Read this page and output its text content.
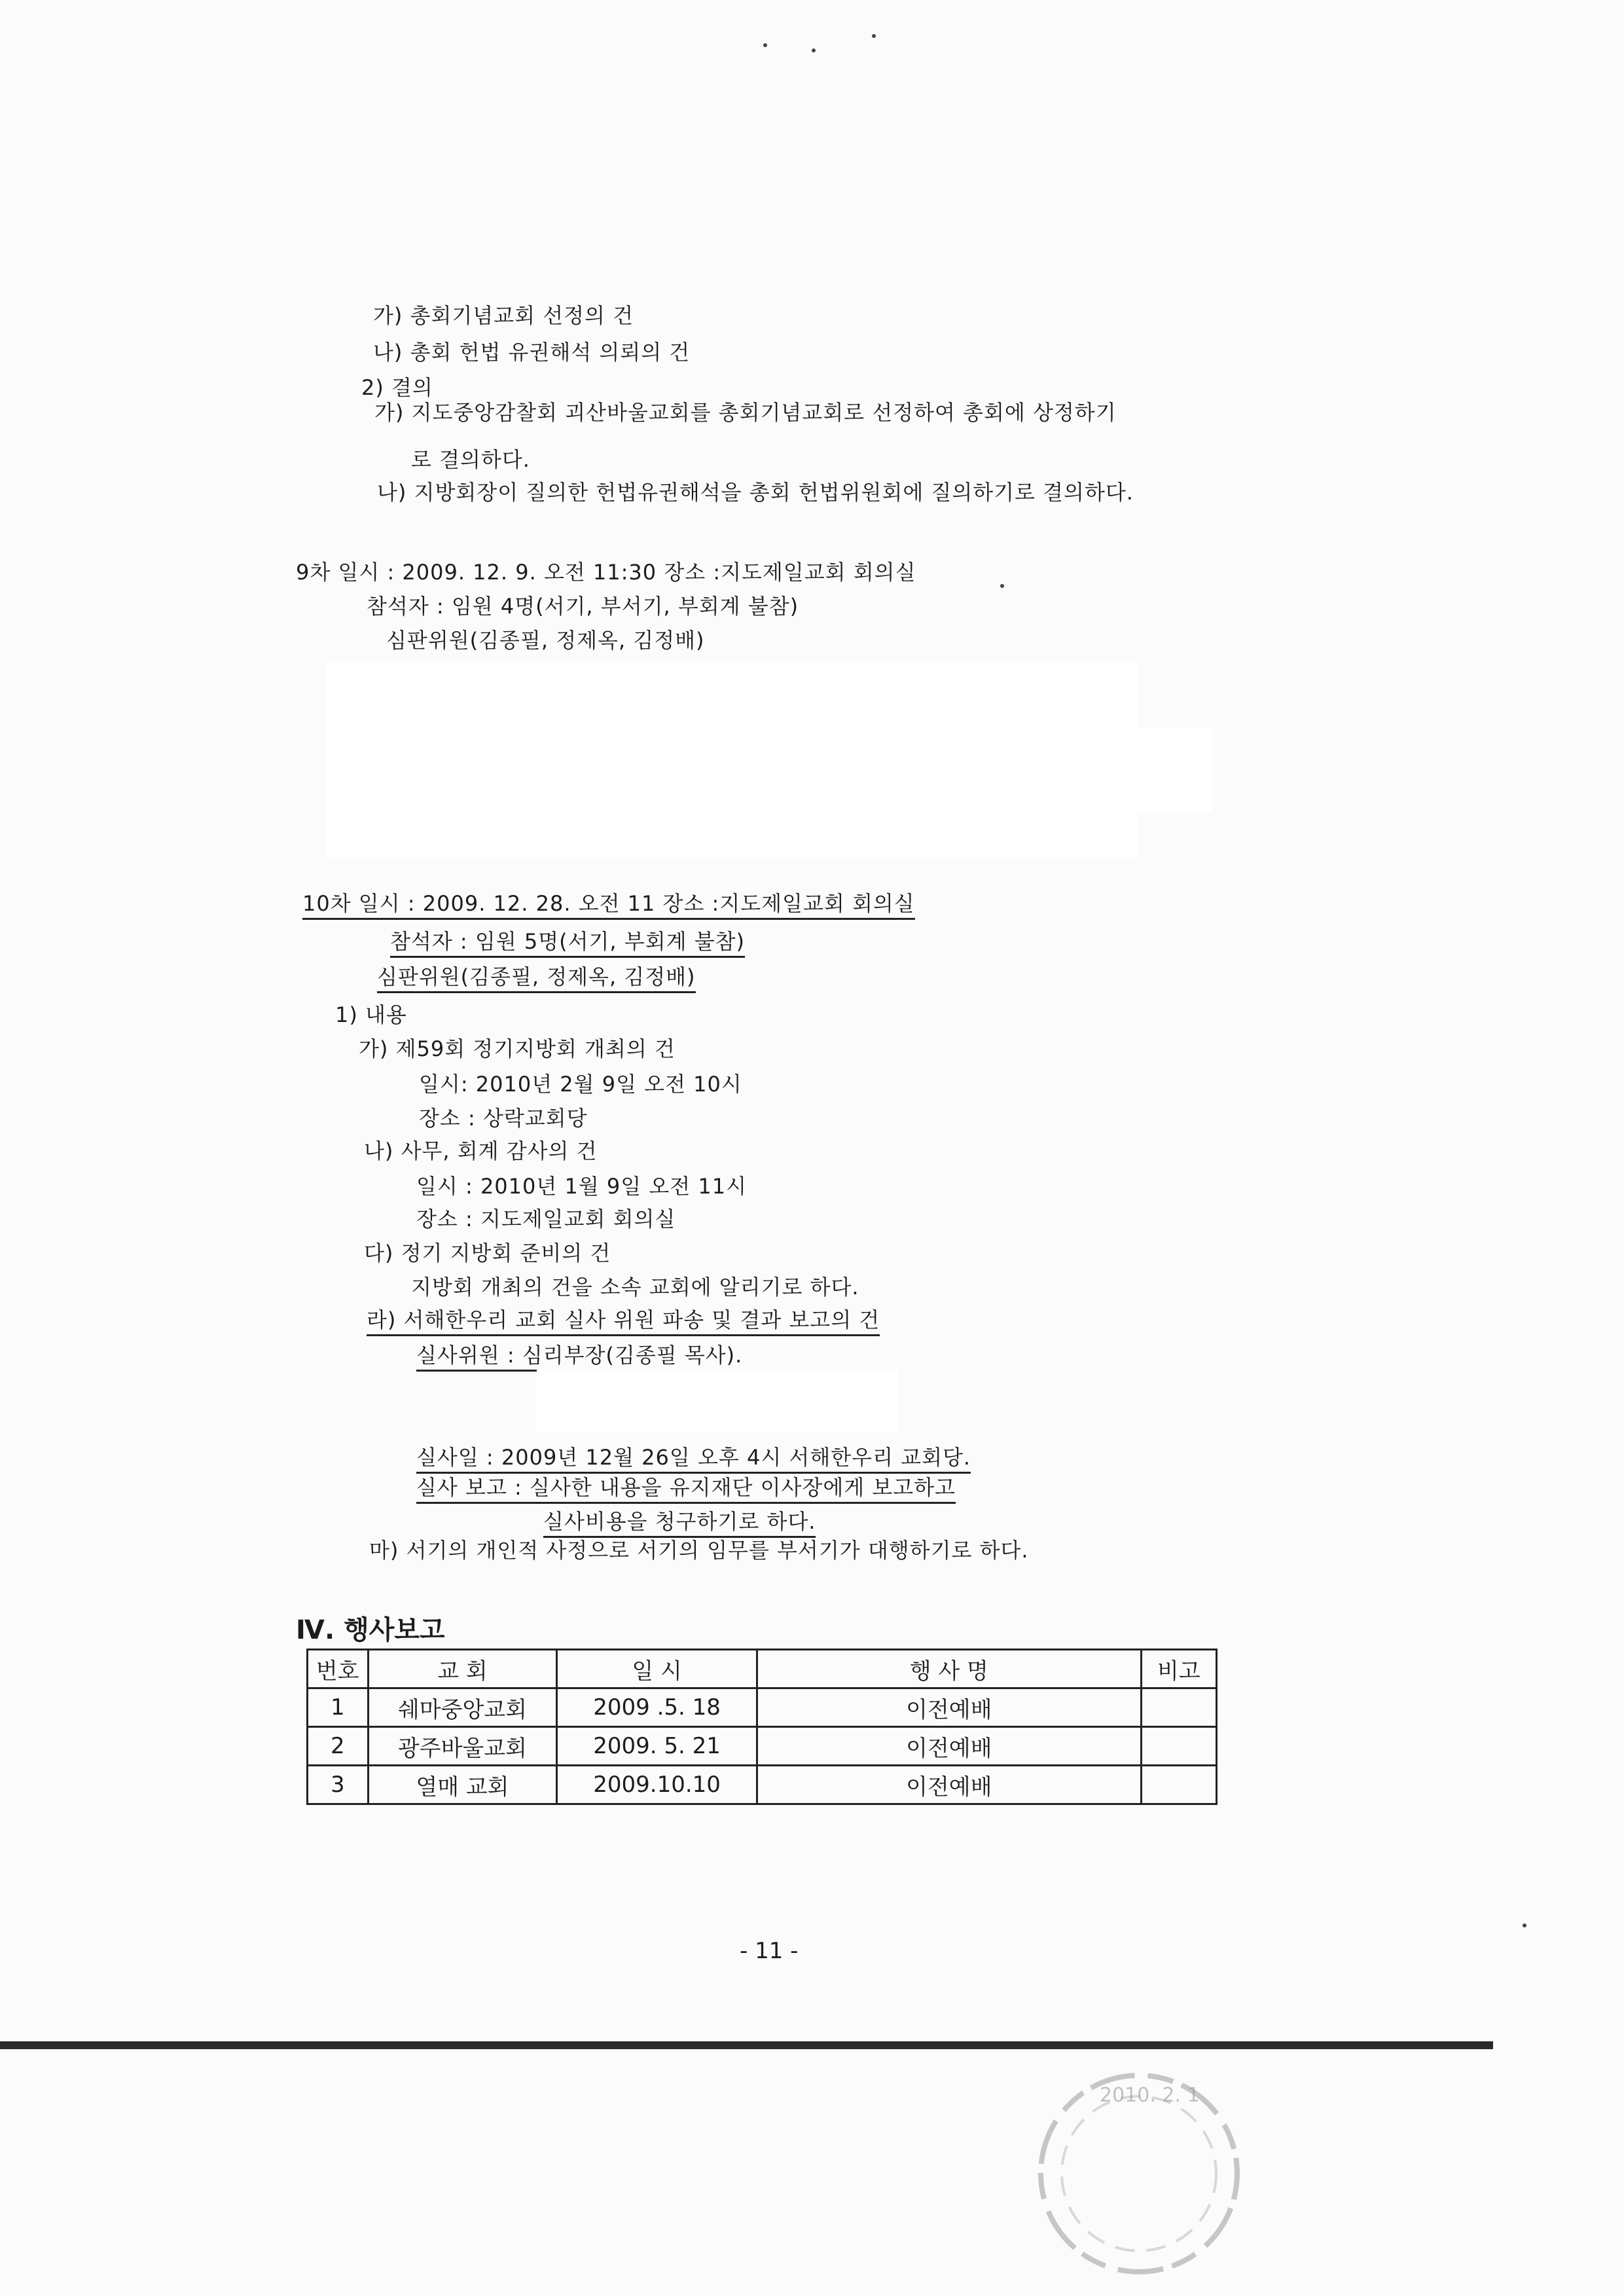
가) 총회기념교회 선정의 건
나) 총회 헌법 유권해석 의뢰의 건
2) 결의
가) 지도중앙감찰회 괴산바울교회를 총회기념교회로 선정하여 총회에 상정하기
로 결의하다.
나) 지방회장이 질의한 헌법유권해석을 총회 헌법위원회에 질의하기로 결의하다.
9차 일시 : 2009. 12. 9. 오전 11:30 장소 :지도제일교회 회의실
참석자 : 임원 4명(서기, 부서기, 부회계 불참)
심판위원(김종필, 정제옥, 김정배)
10차 일시 : 2009. 12. 28. 오전 11 장소 :지도제일교회 회의실
참석자 : 임원 5명(서기, 부회계 불참)
심판위원(김종필, 정제옥, 김정배)
1) 내용
가) 제59회 정기지방회 개최의 건
일시: 2010년 2월 9일 오전 10시
장소 : 상락교회당
나) 사무, 회계 감사의 건
일시 : 2010년 1월 9일 오전 11시
장소 : 지도제일교회 회의실
다) 정기 지방회 준비의 건
지방회 개최의 건을 소속 교회에 알리기로 하다.
라) 서해한우리 교회 실사 위원 파송 및 결과 보고의 건
실사위원 : 심리부장(김종필 목사).
실사일 : 2009년 12월 26일 오후 4시 서해한우리 교회당.
실사 보고 : 실사한 내용을 유지재단 이사장에게 보고하고
실사비용을 청구하기로 하다.
마) 서기의 개인적 사정으로 서기의 임무를 부서기가 대행하기로 하다.
Ⅳ. 행사보고
번호	교 회	일 시	행 사 명	비고
1	쉐마중앙교회	2009 .5. 18	이전예배	
2	광주바울교회	2009. 5. 21	이전예배	
3	열매 교회	2009.10.10	이전예배	
- 11 -
2010. 2. 1
